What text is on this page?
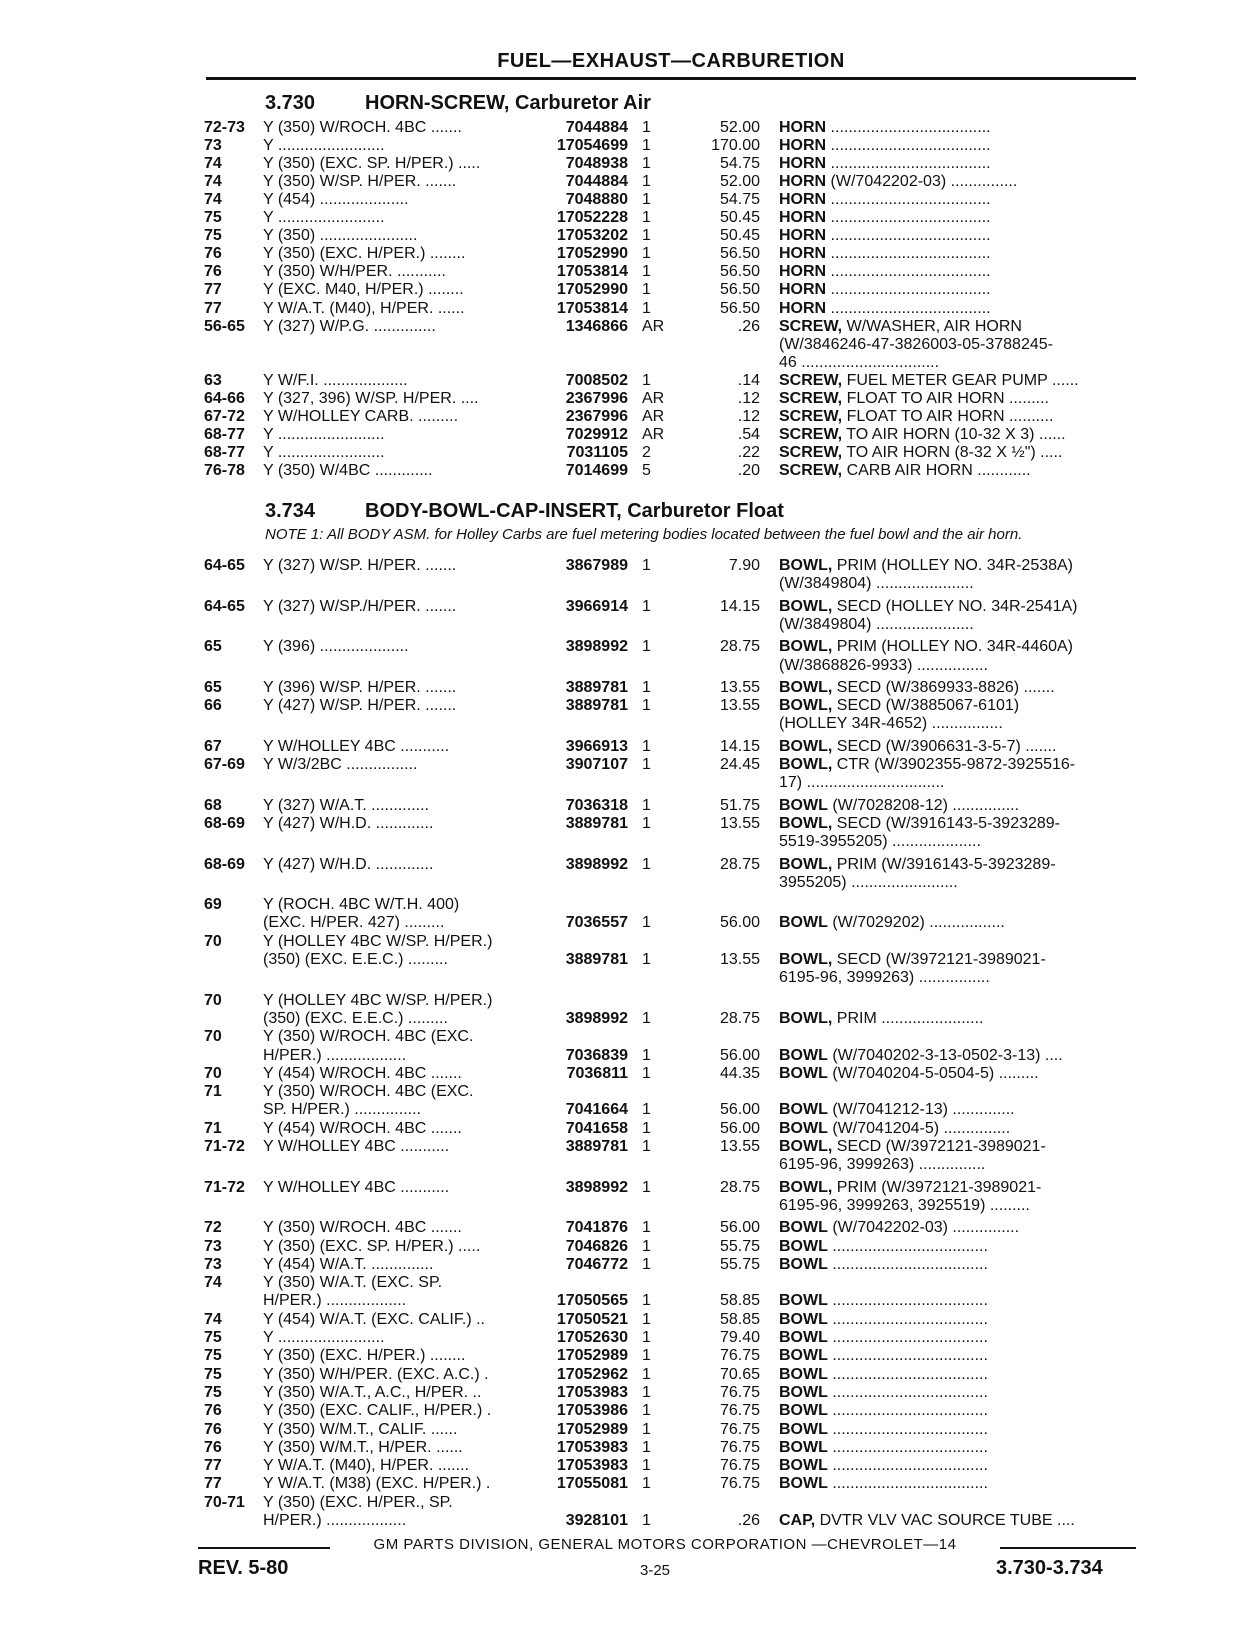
FUEL—EXHAUST—CARBURETION
3.730 HORN-SCREW, Carburetor Air
3.734 BODY-BOWL-CAP-INSERT, Carburetor Float
NOTE 1: All BODY ASM. for Holley Carbs are fuel metering bodies located between the fuel bowl and the air horn.
72-73	Y (350) W/ROCH. 4BC .......	7044884 1	52.00 HORN ....................................
73	Y ........................	17054699 1	170.00 HORN ....................................
74	Y (350) (EXC. SP. H/PER.) .....	7048938 1	54.75 HORN ....................................
74	Y (350) W/SP. H/PER. .......	7044884 1	52.00 HORN (W/7042202-03) ...............
74	Y (454) ....................	7048880 1	54.75 HORN ....................................
75	Y ........................	17052228 1	50.45 HORN ....................................
75	Y (350) ......................	17053202 1	50.45 HORN ....................................
76	Y (350) (EXC. H/PER.) ........	17052990 1	56.50 HORN ....................................
76	Y (350) W/H/PER. ...........	17053814 1	56.50 HORN ....................................
77	Y (EXC. M40, H/PER.) ........	17052990 1	56.50 HORN ....................................
77	Y W/A.T. (M40), H/PER. ......	17053814 1	56.50 HORN ....................................
56-65	Y (327) W/P.G. ..............	1346866 AR	.26 SCREW, W/WASHER, AIR HORN
(W/3846246-47-3826003-05-3788245-
46 ...............................
63	Y W/F.I. ...................	7008502 1	.14 SCREW, FUEL METER GEAR PUMP ......
64-66	Y (327, 396) W/SP. H/PER. ....	2367996 AR	.12 SCREW, FLOAT TO AIR HORN .........
67-72	Y W/HOLLEY CARB. .........	2367996 AR	.12 SCREW, FLOAT TO AIR HORN ..........
68-77	Y ........................	7029912 AR	.54 SCREW, TO AIR HORN (10-32 X 3) ......
68-77	Y ........................	7031105 2	.22 SCREW, TO AIR HORN (8-32 X ½") .....
76-78	Y (350) W/4BC .............	7014699 5	.20 SCREW, CARB AIR HORN ............
64-65	Y (327) W/SP. H/PER. .......	3867989 1	7.90 BOWL, PRIM (HOLLEY NO. 34R-2538A)
(W/3849804) ......................
64-65	Y (327) W/SP./H/PER. .......	3966914 1	14.15 BOWL, SECD (HOLLEY NO. 34R-2541A)
(W/3849804) ......................
65	Y (396) ....................	3898992 1	28.75 BOWL, PRIM (HOLLEY NO. 34R-4460A)
(W/3868826-9933) ................
65	Y (396) W/SP. H/PER. .......	3889781 1	13.55 BOWL, SECD (W/3869933-8826) .......
66	Y (427) W/SP. H/PER. .......	3889781 1	13.55 BOWL, SECD (W/3885067-6101)
(HOLLEY 34R-4652) ................
67	Y W/HOLLEY 4BC ...........	3966913 1	14.15 BOWL, SECD (W/3906631-3-5-7) .......
67-69	Y W/3/2BC ................	3907107 1	24.45 BOWL, CTR (W/3902355-9872-3925516-
17) ...............................
68	Y (327) W/A.T. .............	7036318 1	51.75 BOWL (W/7028208-12) ...............
68-69	Y (427) W/H.D. .............	3889781 1	13.55 BOWL, SECD (W/3916143-5-3923289-
5519-3955205) ....................
68-69	Y (427) W/H.D. .............	3898992 1	28.75 BOWL, PRIM (W/3916143-5-3923289-
3955205) ........................
69	Y (ROCH. 4BC W/T.H. 400)
(EXC. H/PER. 427) .........	7036557 1	56.00 BOWL (W/7029202) .................
70	Y (HOLLEY 4BC W/SP. H/PER.)
(350) (EXC. E.E.C.) .........	3889781 1	13.55 BOWL, SECD (W/3972121-3989021-
6195-96, 3999263) ................
70	Y (HOLLEY 4BC W/SP. H/PER.)
(350) (EXC. E.E.C.) .........	3898992 1	28.75 BOWL, PRIM .......................
70	Y (350) W/ROCH. 4BC (EXC.
H/PER.) ..................	7036839 1	56.00 BOWL (W/7040202-3-13-0502-3-13) ....
70	Y (454) W/ROCH. 4BC .......	7036811 1	44.35 BOWL (W/7040204-5-0504-5) .........
71	Y (350) W/ROCH. 4BC (EXC.
SP. H/PER.) ...............	7041664 1	56.00 BOWL (W/7041212-13) ..............
71	Y (454) W/ROCH. 4BC .......	7041658 1	56.00 BOWL (W/7041204-5) ...............
71-72	Y W/HOLLEY 4BC ...........	3889781 1	13.55 BOWL, SECD (W/3972121-3989021-
6195-96, 3999263) ...............
71-72	Y W/HOLLEY 4BC ...........	3898992 1	28.75 BOWL, PRIM (W/3972121-3989021-
6195-96, 3999263, 3925519) .........
72	Y (350) W/ROCH. 4BC .......	7041876 1	56.00 BOWL (W/7042202-03) ...............
73	Y (350) (EXC. SP. H/PER.) .....	7046826 1	55.75 BOWL ...................................
73	Y (454) W/A.T. ..............	7046772 1	55.75 BOWL ...................................
74	Y (350) W/A.T. (EXC. SP.
H/PER.) ..................	17050565 1	58.85 BOWL ...................................
74	Y (454) W/A.T. (EXC. CALIF.) ..	17050521 1	58.85 BOWL ...................................
75	Y ........................	17052630 1	79.40 BOWL ...................................
75	Y (350) (EXC. H/PER.) ........	17052989 1	76.75 BOWL ...................................
75	Y (350) W/H/PER. (EXC. A.C.) .	17052962 1	70.65 BOWL ...................................
75	Y (350) W/A.T., A.C., H/PER. ..	17053983 1	76.75 BOWL ...................................
76	Y (350) (EXC. CALIF., H/PER.) .	17053986 1	76.75 BOWL ...................................
76	Y (350) W/M.T., CALIF. ......	17052989 1	76.75 BOWL ...................................
76	Y (350) W/M.T., H/PER. ......	17053983 1	76.75 BOWL ...................................
77	Y W/A.T. (M40), H/PER. .......	17053983 1	76.75 BOWL ...................................
77	Y W/A.T. (M38) (EXC. H/PER.) .	17055081 1	76.75 BOWL ...................................
70-71	Y (350) (EXC. H/PER., SP.
H/PER.) ..................	3928101 1	.26 CAP, DVTR VLV VAC SOURCE TUBE ....
GM PARTS DIVISION, GENERAL MOTORS CORPORATION —CHEVROLET—14
REV. 5-80	3-25	3.730-3.734
